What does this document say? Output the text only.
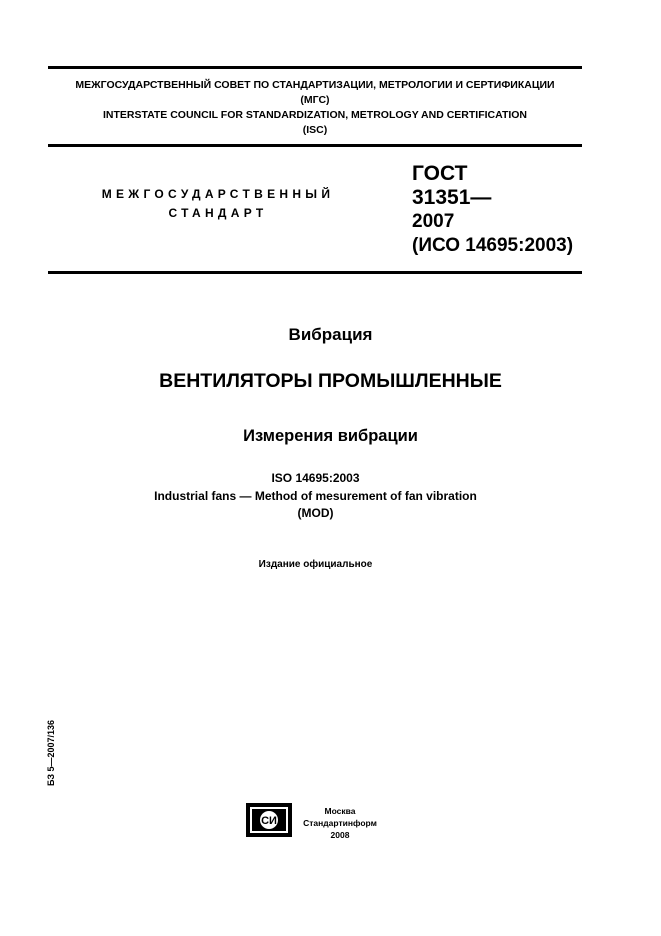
МЕЖГОСУДАРСТВЕННЫЙ СОВЕТ ПО СТАНДАРТИЗАЦИИ, МЕТРОЛОГИИ И СЕРТИФИКАЦИИ
(МГС)
INTERSTATE COUNCIL FOR STANDARDIZATION, METROLOGY AND CERTIFICATION
(ISC)
МЕЖГОСУДАРСТВЕННЫЙ
СТАНДАРТ
ГОСТ
31351—
2007
(ИСО 14695:2003)
Вибрация
ВЕНТИЛЯТОРЫ ПРОМЫШЛЕННЫЕ
Измерения вибрации
ISO 14695:2003
Industrial fans — Method of mesurement of fan vibration
(MOD)
Издание официальное
БЗ 5—2007/136
СИ
Москва
Стандартинформ
2008
